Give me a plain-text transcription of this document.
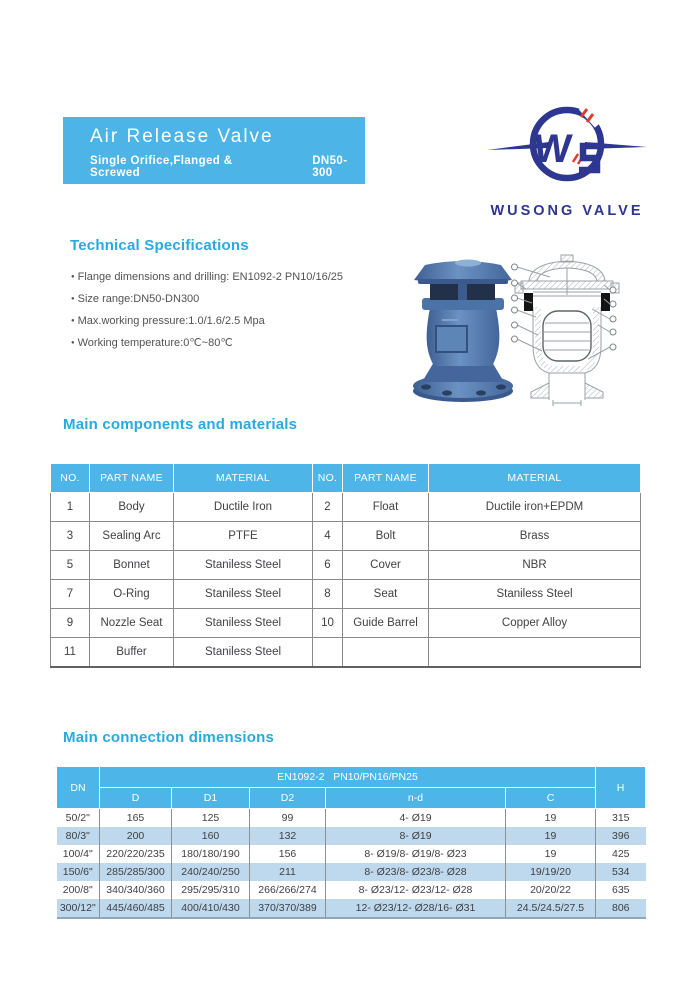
Air Release Valve
Single Orifice,Flanged & Screwed
DN50-300
W
WUSONG VALVE
Technical Specifications
● Flange dimensions and drilling: EN1092-2 PN10/16/25
● Size range:DN50-DN300
● Max.working pressure:1.0/1.6/2.5 Mpa
● Working temperature:0℃~80℃
Main components and materials
NO.	PART NAME	MATERIAL	NO.	PART NAME	MATERIAL
1	Body	Ductile Iron	2	Float	Ductile iron+EPDM
3	Sealing Arc	PTFE	4	Bolt	Brass
5	Bonnet	Staniless Steel	6	Cover	NBR
7	O-Ring	Staniless Steel	8	Seat	Staniless Steel
9	Nozzle Seat	Staniless Steel	10	Guide Barrel	Copper Alloy
11	Buffer	Staniless Steel			
Main connection dimensions
DN	EN1092-2   PN10/PN16/PN25					H
	D	D1	D2	n-d	C	
50/2"	165	125	99	4- Ø19	19	315
80/3"	200	160	132	8- Ø19	19	396
100/4"	220/220/235	180/180/190	156	8- Ø19/8- Ø19/8- Ø23	19	425
150/6"	285/285/300	240/240/250	211	8- Ø23/8- Ø23/8- Ø28	19/19/20	534
200/8"	340/340/360	295/295/310	266/266/274	8- Ø23/12- Ø23/12- Ø28	20/20/22	635
300/12"	445/460/485	400/410/430	370/370/389	12- Ø23/12- Ø28/16- Ø31	24.5/24.5/27.5	806
